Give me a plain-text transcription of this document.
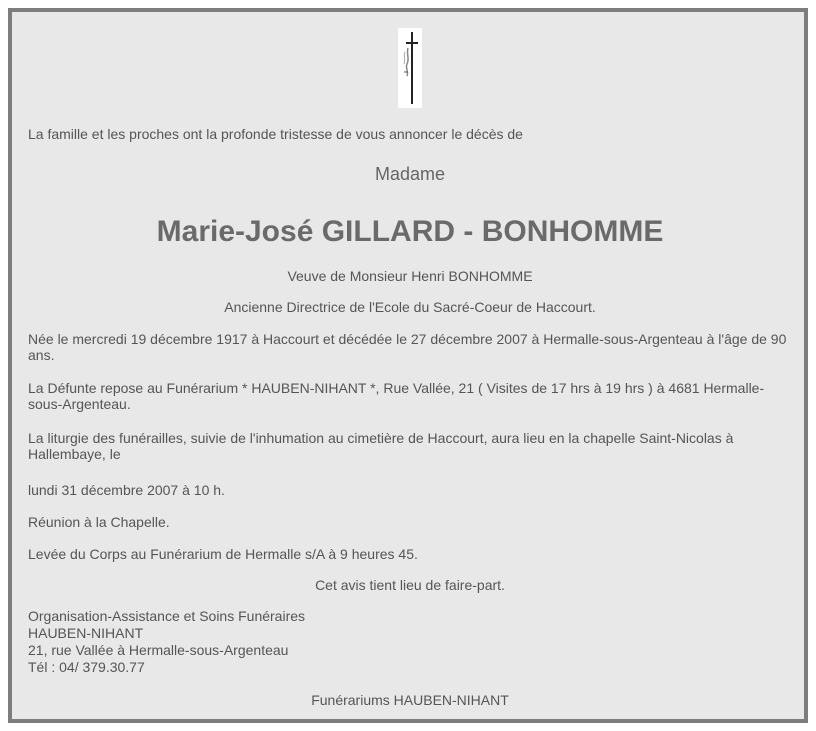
La famille et les proches ont la profonde tristesse de vous annoncer le décès de

Madame

Marie-José GILLARD - BONHOMME

Veuve de Monsieur Henri BONHOMME

Ancienne Directrice de l'Ecole du Sacré-Coeur de Haccourt.

Née le mercredi 19 décembre 1917 à Haccourt et décédée le 27 décembre 2007 à Hermalle-sous-Argenteau à l'âge de 90 ans.

La Défunte repose au Funérarium * HAUBEN-NIHANT *, Rue Vallée, 21 ( Visites de 17 hrs à 19 hrs ) à 4681 Hermalle-sous-Argenteau.

La liturgie des funérailles, suivie de l'inhumation au cimetière de Haccourt, aura lieu en la chapelle Saint-Nicolas à Hallembaye, le

lundi 31 décembre 2007 à 10 h.

Réunion à la Chapelle.

Levée du Corps au Funérarium de Hermalle s/A à 9 heures 45.

Cet avis tient lieu de faire-part.

Organisation-Assistance et Soins Funéraires
HAUBEN-NIHANT
21, rue Vallée à Hermalle-sous-Argenteau
Tél : 04/ 379.30.77

Funérariums HAUBEN-NIHANT
